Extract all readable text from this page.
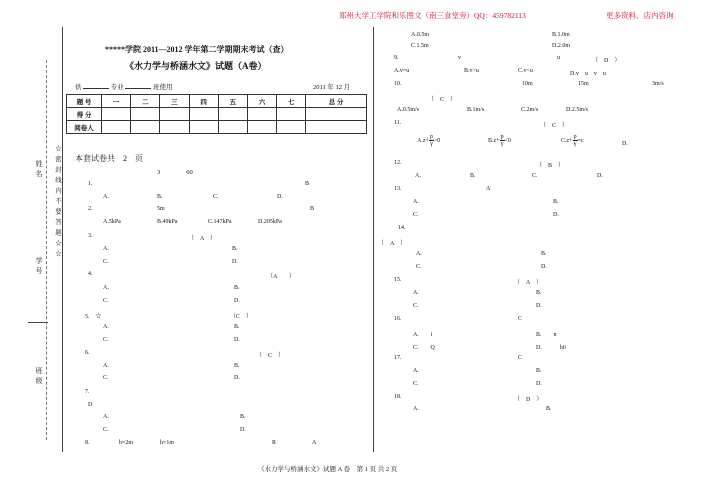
郑州大学工学院和乐图文（南三食堂旁）QQ：459782113	更多资料、店内咨询
☆密封线内不要答题☆☆
姓名
学号
班级
*****学院 2011—2012 学年第二学期期末考试（查）
《水力学与桥涵水文》试题（A卷）
供	专业	班使用	2011 年 12 月
题 号	一	二	三	四	五	六	七	总 分
得 分								
阅卷人								
本套试卷共　2　页
3　　　　60
1.	B
A.	B.	C.	D.
2.	5m	B
A.5kPa	B.49kPa	C.147kPa	D.205kPa
3.	（　A　）
A.	B.
C.	D.
4.	（A　　）
A.	B.
C.	D.
5.　☆	（C　）
A.	B.
C.	D.
6.	（　C　）
A.	B.
C.	D.
7.
D
A.	B.
C.	D.
8.	b=2m	h=1m	R	A
A.0.5m	B.1.0m
C.1.5m	D.2.0m
9.	v	u	（　D　）
A.v=u	B.v>u	C.v<u	D.v　u　v　u
10.	10m	15m	3m/s
（　C　）
A.0.5m/s	B.1m/s	C.2m/s	D.2.5m/s
11.	（　C　）
$A.z+ \frac{p}{\gamma}>0$	$B.z+ \frac{p}{\gamma}<0$	$C.z+ \frac{p}{\gamma}=c$
D.
12.	（　B　）
A.	B.	C.	D.
13.	A
A.	B.
C.	D.
14.
（　A　）
A.	B.
C.	D.
15.	（　A　）
A.	B.
C.	D.
16.	C
A.　　i	B.　　n
C.　　Q	D.　　　h0
17.	C
A.	B.
C.	D.
18.	（　D　）
A.	B.
《水力学与桥涵水文》试题 A 卷　第 1 页 共 2 页
